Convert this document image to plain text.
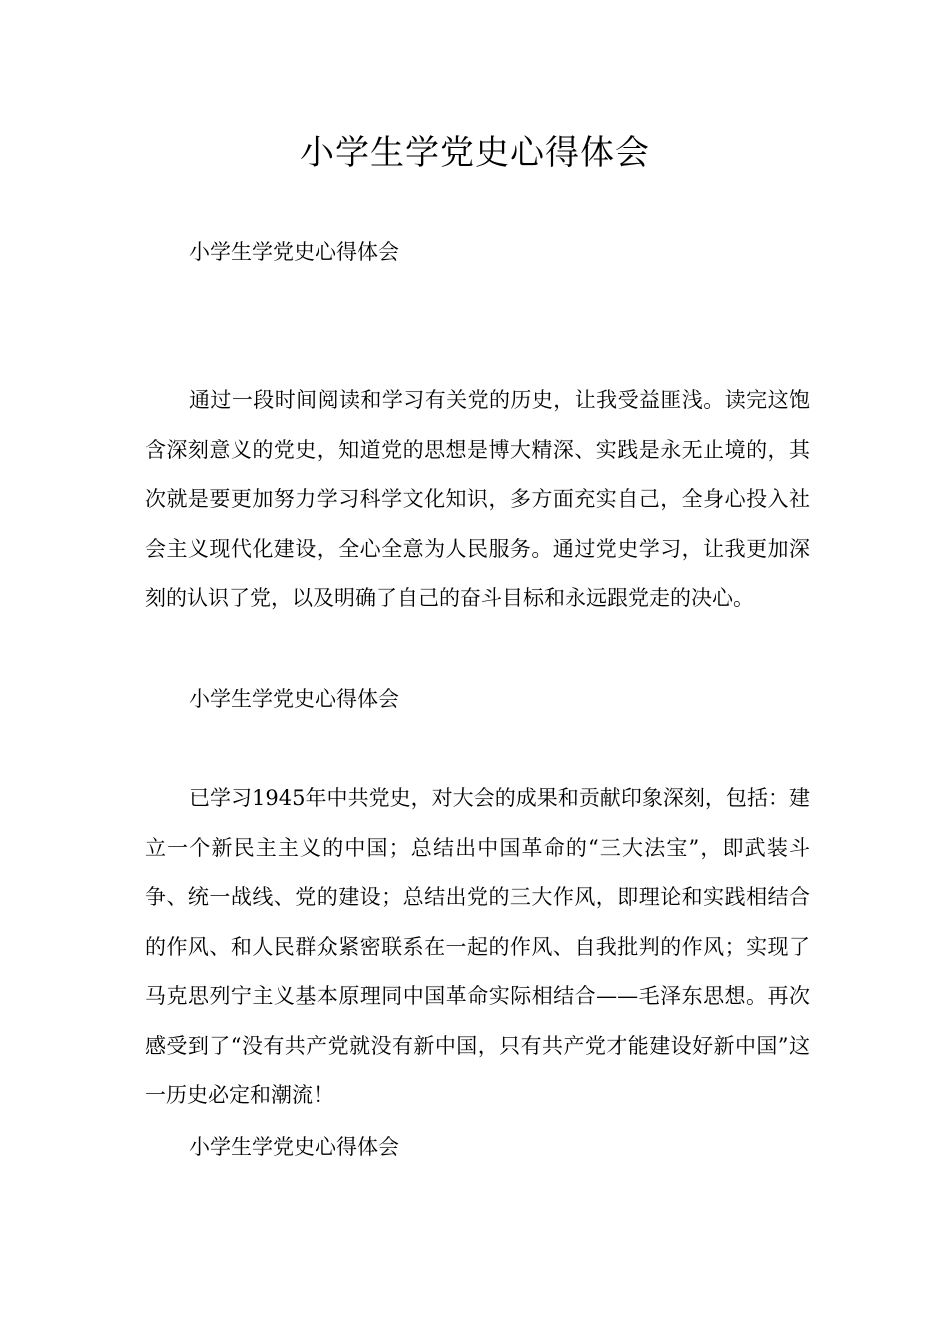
小学生学党史心得体会

小学生学党史心得体会

通过一段时间阅读和学习有关党的历史，让我受益匪浅。读完这饱含深刻意义的党史，知道党的思想是博大精深、实践是永无止境的，其次就是要更加努力学习科学文化知识，多方面充实自己，全身心投入社会主义现代化建设，全心全意为人民服务。通过党史学习，让我更加深刻的认识了党，以及明确了自己的奋斗目标和永远跟党走的决心。

小学生学党史心得体会

已学习1945年中共党史，对大会的成果和贡献印象深刻，包括：建立一个新民主主义的中国；总结出中国革命的“三大法宝”，即武装斗争、统一战线、党的建设；总结出党的三大作风，即理论和实践相结合的作风、和人民群众紧密联系在一起的作风、自我批判的作风；实现了马克思列宁主义基本原理同中国革命实际相结合——毛泽东思想。再次感受到了“没有共产党就没有新中国，只有共产党才能建设好新中国”这一历史必定和潮流！

小学生学党史心得体会
